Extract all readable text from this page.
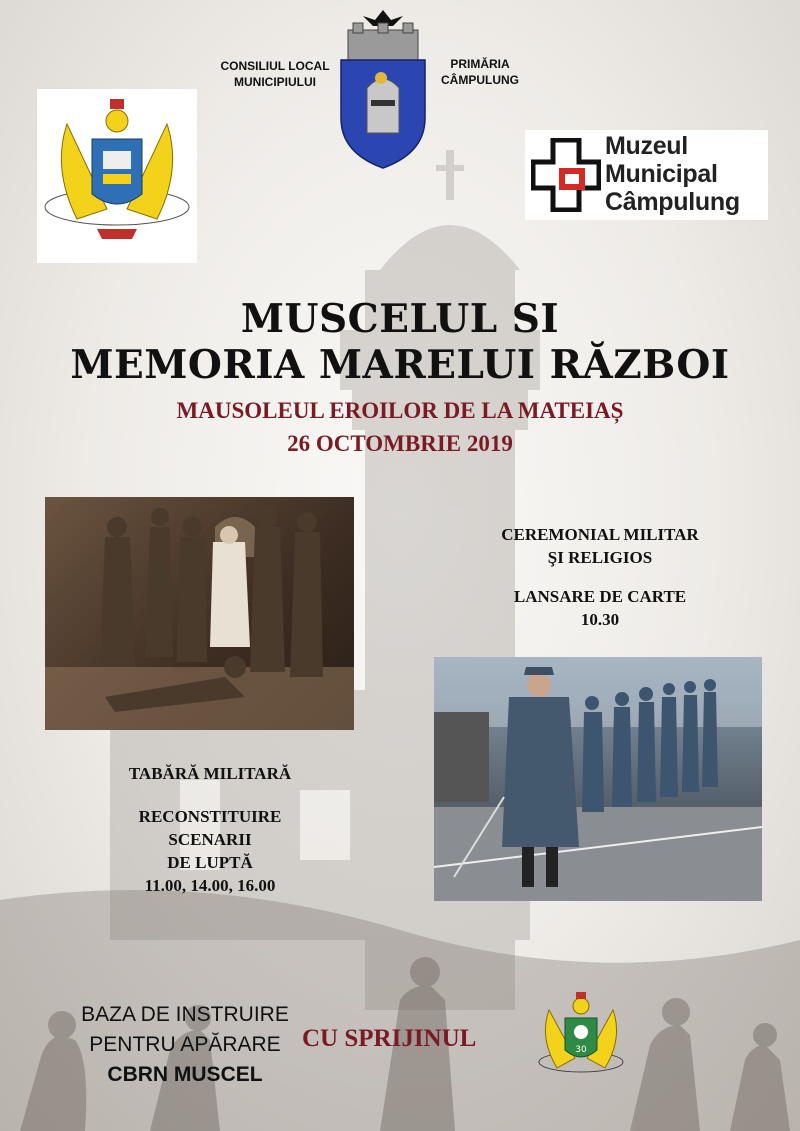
CONSILIUL LOCAL
MUNICIPIULUI
PRIMĂRIA
CÂMPULUNG
Muzeul
Municipal
Câmpulung
MUSCELUL SI
MEMORIA MARELUI RĂZBOI
MAUSOLEUL EROILOR DE LA MATEIAȘ
26 OCTOMBRIE 2019
CEREMONIAL MILITAR
ŞI RELIGIOS
LANSARE DE CARTE
10.30
TABĂRĂ MILITARĂ
RECONSTITUIRE
SCENARII
DE LUPTĂ
11.00, 14.00, 16.00
BAZA DE INSTRUIRE
PENTRU APĂRARE
CBRN MUSCEL
CU SPRIJINUL	30
